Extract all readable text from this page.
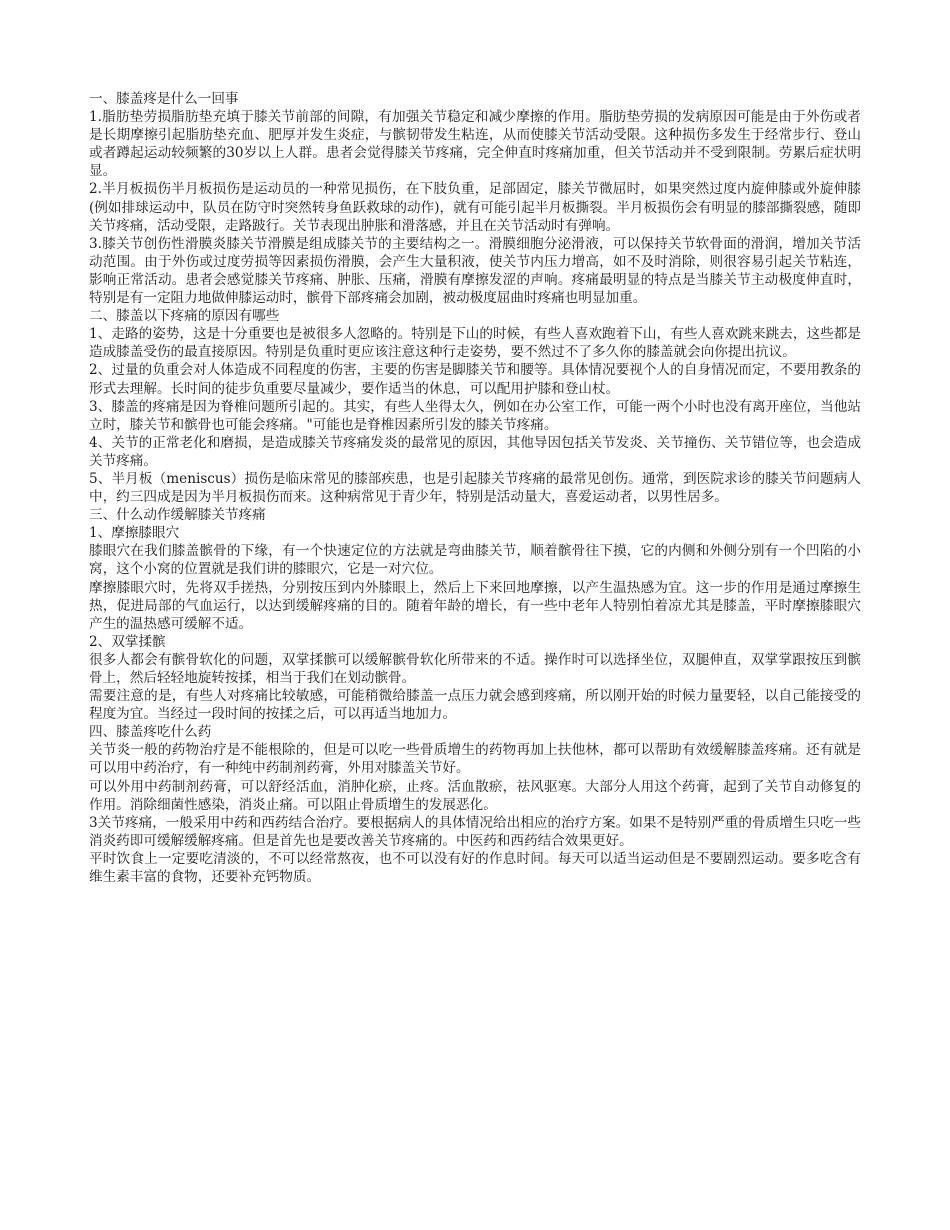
一、膝盖疼是什么一回事

1.脂肪垫劳损脂肪垫充填于膝关节前部的间隙，有加强关节稳定和减少摩擦的作用。脂肪垫劳损的发病原因可能是由于外伤或者是长期摩擦引起脂肪垫充血、肥厚并发生炎症，与髌韧带发生粘连，从而使膝关节活动受限。这种损伤多发生于经常步行、登山或者蹲起运动较频繁的30岁以上人群。患者会觉得膝关节疼痛，完全伸直时疼痛加重，但关节活动并不受到限制。劳累后症状明显。

2.半月板损伤半月板损伤是运动员的一种常见损伤，在下肢负重，足部固定，膝关节微屈时，如果突然过度内旋伸膝或外旋伸膝(例如排球运动中，队员在防守时突然转身鱼跃救球的动作)，就有可能引起半月板撕裂。半月板损伤会有明显的膝部撕裂感，随即关节疼痛，活动受限，走路跛行。关节表现出肿胀和滑落感，并且在关节活动时有弹响。

3.膝关节创伤性滑膜炎膝关节滑膜是组成膝关节的主要结构之一。滑膜细胞分泌滑液，可以保持关节软骨面的滑润，增加关节活动范围。由于外伤或过度劳损等因素损伤滑膜，会产生大量积液，使关节内压力增高，如不及时消除，则很容易引起关节粘连，影响正常活动。患者会感觉膝关节疼痛、肿胀、压痛，滑膜有摩擦发涩的声响。疼痛最明显的特点是当膝关节主动极度伸直时，特别是有一定阻力地做伸膝运动时，髌骨下部疼痛会加剧，被动极度屈曲时疼痛也明显加重。

二、膝盖以下疼痛的原因有哪些

1、走路的姿势，这是十分重要也是被很多人忽略的。特别是下山的时候，有些人喜欢跑着下山，有些人喜欢跳来跳去，这些都是造成膝盖受伤的最直接原因。特别是负重时更应该注意这种行走姿势，要不然过不了多久你的膝盖就会向你提出抗议。

2、过量的负重会对人体造成不同程度的伤害，主要的伤害是脚膝关节和腰等。具体情况要视个人的自身情况而定，不要用教条的形式去理解。长时间的徒步负重要尽量减少，要作适当的休息，可以配用护膝和登山杖。

3、膝盖的疼痛是因为脊椎问题所引起的。其实，有些人坐得太久，例如在办公室工作，可能一两个小时也没有离开座位，当他站立时，膝关节和髌骨也可能会疼痛。"可能也是脊椎因素所引发的膝关节疼痛。

4、关节的正常老化和磨损，是造成膝关节疼痛发炎的最常见的原因，其他导因包括关节发炎、关节撞伤、关节错位等，也会造成关节疼痛。

5、半月板（meniscus）损伤是临床常见的膝部疾患，也是引起膝关节疼痛的最常见创伤。通常，到医院求诊的膝关节问题病人中，约三四成是因为半月板损伤而来。这种病常见于青少年，特别是活动量大，喜爱运动者，以男性居多。

三、什么动作缓解膝关节疼痛

1、摩擦膝眼穴

膝眼穴在我们膝盖髌骨的下缘，有一个快速定位的方法就是弯曲膝关节，顺着髌骨往下摸，它的内侧和外侧分别有一个凹陷的小窝，这个小窝的位置就是我们讲的膝眼穴，它是一对穴位。

摩擦膝眼穴时，先将双手搓热，分别按压到内外膝眼上，然后上下来回地摩擦，以产生温热感为宜。这一步的作用是通过摩擦生热，促进局部的气血运行，以达到缓解疼痛的目的。随着年龄的增长，有一些中老年人特别怕着凉尤其是膝盖，平时摩擦膝眼穴产生的温热感可缓解不适。

2、双掌揉髌

很多人都会有髌骨软化的问题，双掌揉髌可以缓解髌骨软化所带来的不适。操作时可以选择坐位，双腿伸直，双掌掌跟按压到髌骨上，然后轻轻地旋转按揉，相当于我们在划动髌骨。

需要注意的是，有些人对疼痛比较敏感，可能稍微给膝盖一点压力就会感到疼痛，所以刚开始的时候力量要轻，以自己能接受的程度为宜。当经过一段时间的按揉之后，可以再适当地加力。

四、膝盖疼吃什么药

关节炎一般的药物治疗是不能根除的，但是可以吃一些骨质增生的药物再加上扶他林，都可以帮助有效缓解膝盖疼痛。还有就是可以用中药治疗，有一种纯中药制剂药膏，外用对膝盖关节好。

可以外用中药制剂药膏，可以舒经活血，消肿化瘀，止疼。活血散瘀，祛风驱寒。大部分人用这个药膏，起到了关节自动修复的作用。消除细菌性感染，消炎止痛。可以阻止骨质增生的发展恶化。

3关节疼痛，一般采用中药和西药结合治疗。要根据病人的具体情况给出相应的治疗方案。如果不是特别严重的骨质增生只吃一些消炎药即可缓解缓解疼痛。但是首先也是要改善关节疼痛的。中医药和西药结合效果更好。

平时饮食上一定要吃清淡的，不可以经常熬夜，也不可以没有好的作息时间。每天可以适当运动但是不要剧烈运动。要多吃含有维生素丰富的食物，还要补充钙物质。
